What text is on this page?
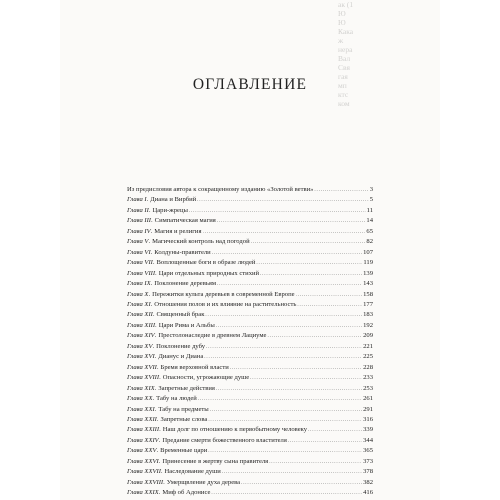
ак (1
Ю
Ю
Кака
ж
нера
Вал
Свя
гая
мп
ктс
ком
ОГЛАВЛЕНИЕ
Из предисловия автора к сокращенному изданию «Золотой ветви» . . .	3
Глава I . Диана и Вирбий . . .	5
Глава II . Цари-жрецы . . .	11
Глава III . Симпатическая магия . . .	14
Глава IV . Магия и религия . . .	65
Глава V . Магический контроль над погодой . . .	82
Глава VI . Колдуны-правители . . .	107
Глава VII . Воплощенные боги в образе людей . . .	119
Глава VIII . Цари отдельных природных стихий . . .	139
Глава IX . Поклонение деревьям . . .	143
Глава X . Пережитки культа деревьев в современной Европе . . .	158
Глава XI . Отношения полов и их влияние на растительность . . .	177
Глава XII . Священный брак . . .	183
Глава XIII . Цари Рима и Альбы . . .	192
Глава XIV . Престолонаследие в древнем Лациуме . . .	209
Глава XV . Поклонение дубу . . .	221
Глава XVI . Дианус и Диана . . .	225
Глава XVII . Бремя верховной власти . . .	228
Глава XVIII . Опасности, угрожающие душе . . .	233
Глава XIX . Запретные действия . . .	253
Глава XX . Табу на людей . . .	261
Глава XXI . Табу на предметы . . .	291
Глава XXII . Запретные слова . . .	316
Глава XXIII . Наш долг по отношению к первобытному человеку . . .	339
Глава XXIV . Предание смерти божественного властителя . . .	344
Глава XXV . Временные цари . . .	365
Глава XXVI . Принесение в жертву сына правителя . . .	373
Глава XXVII . Наследование души . . .	378
Глава XXVIII . Умерщвление духа дерева . . .	382
Глава XXIX . Миф об Адонисе . . .	416
